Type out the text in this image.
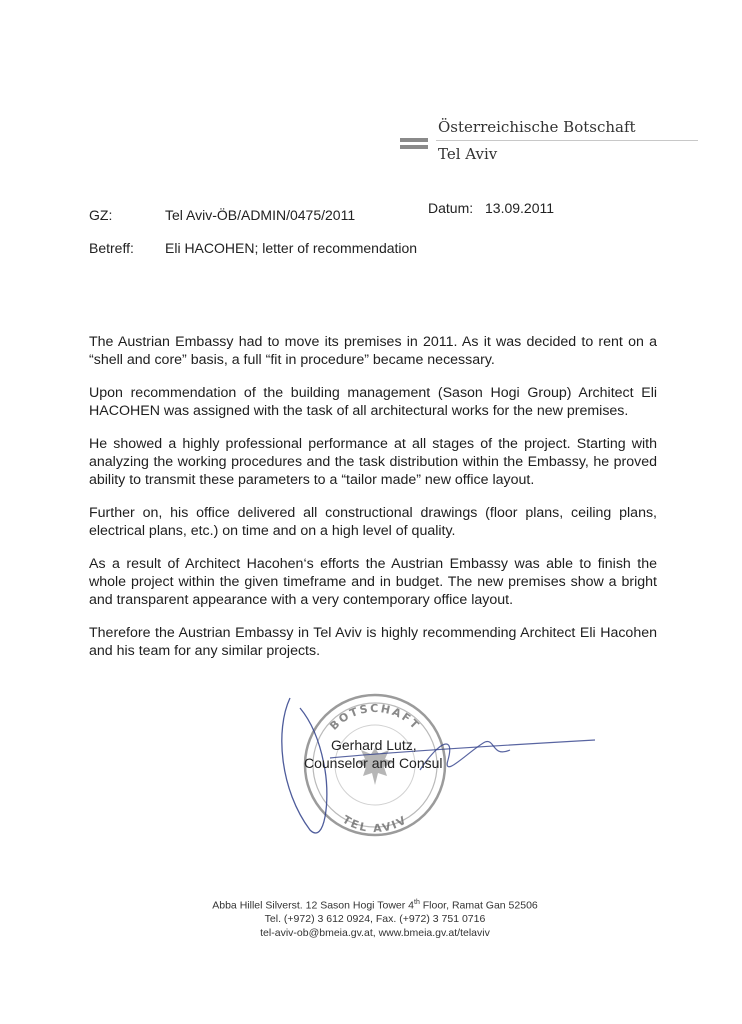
Österreichische Botschaft
Tel Aviv
GZ:	Tel Aviv-ÖB/ADMIN/0475/2011	Datum: 13.09.2011
Betreff: Eli HACOHEN; letter of recommendation

The Austrian Embassy had to move its premises in 2011. As it was decided to rent on a “shell and core” basis, a full “fit in procedure” became necessary.

Upon recommendation of the building management (Sason Hogi Group) Architect Eli HACOHEN was assigned with the task of all architectural works for the new premises.

He showed a highly professional performance at all stages of the project. Starting with analyzing the working procedures and the task distribution within the Embassy, he proved ability to transmit these parameters to a “tailor made” new office layout.

Further on, his office delivered all constructional drawings (floor plans, ceiling plans, electrical plans, etc.) on time and on a high level of quality.

As a result of Architect Hacohen‘s efforts the Austrian Embassy was able to finish the whole project within the given timeframe and in budget. The new premises show a bright and transparent appearance with a very contemporary office layout.

Therefore the Austrian Embassy in Tel Aviv is highly recommending Architect Eli Hacohen and his team for any similar projects.

BOTSCHAFT
TEL AVIV
Gerhard Lutz,
Counselor and Consul
Abba Hillel Silverst. 12 Sason Hogi Tower 4th Floor, Ramat Gan 52506
Tel. (+972) 3 612 0924, Fax. (+972) 3 751 0716
tel-aviv-ob@bmeia.gv.at, www.bmeia.gv.at/telaviv
